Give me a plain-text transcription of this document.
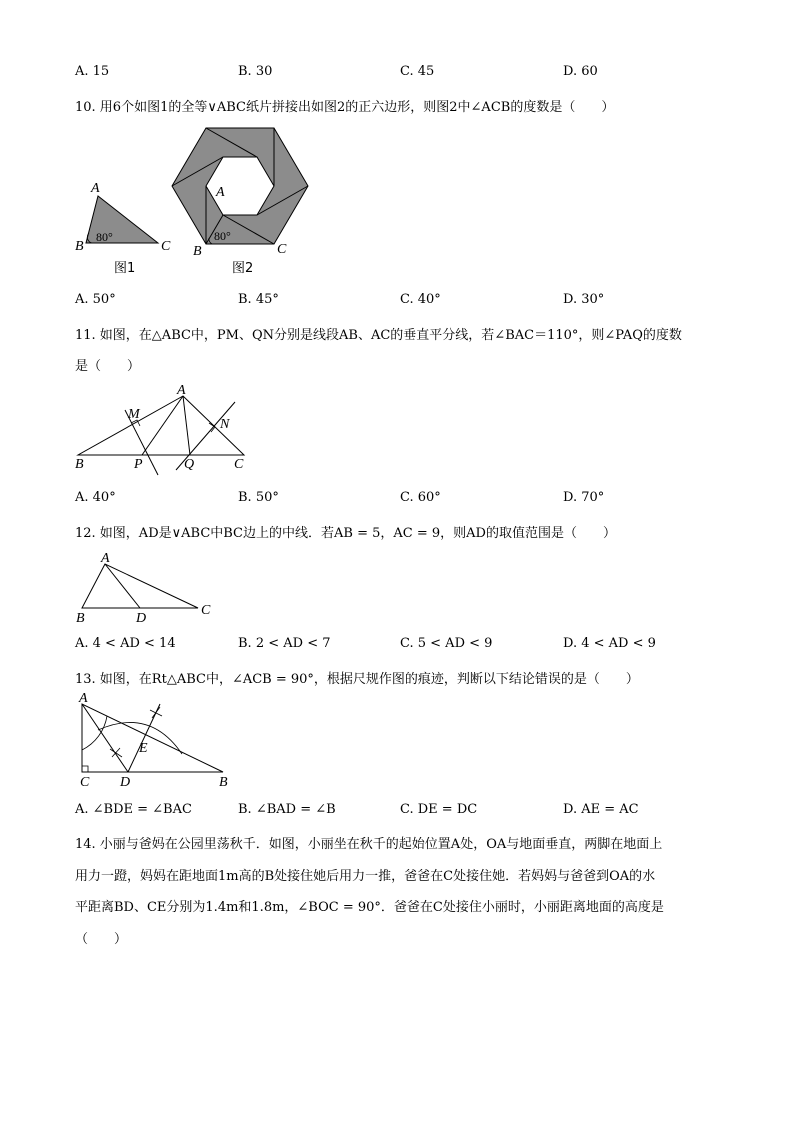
A. 15	B. 30	C. 45	D. 60
10. 用6个如图1的全等∨ABC纸片拼接出如图2的正六边形，则图2中∠ACB的度数是（　　）
A
B	C
80°
图1
A
B	C
80°
图2
A. 50°	B. 45°	C. 40°	D. 30°
11. 如图，在△ABC中，PM、QN分别是线段AB、AC的垂直平分线，若∠BAC＝110°，则∠PAQ的度数
是（　　）
A
B	C
M
N
P	Q
A. 40°	B. 50°	C. 60°	D. 70°
12. 如图，AD是∨ABC中BC边上的中线．若AB = 5，AC = 9，则AD的取值范围是（　　）
A
B
C
D
A. 4 < AD < 14	B. 2 < AD < 7	C. 5 < AD < 9	D. 4 < AD < 9
13. 如图，在Rt△ABC中，∠ACB = 90°，根据尺规作图的痕迹，判断以下结论错误的是（　　）
A
B
C D
E
A. ∠BDE = ∠BAC	B. ∠BAD = ∠B	C. DE = DC	D. AE = AC
14. 小丽与爸妈在公园里荡秋千．如图，小丽坐在秋千的起始位置A处，OA与地面垂直，两脚在地面上
用力一蹬，妈妈在距地面1m高的B处接住她后用力一推，爸爸在C处接住她．若妈妈与爸爸到OA的水
平距离BD、CE分别为1.4m和1.8m，∠BOC = 90°．爸爸在C处接住小丽时，小丽距离地面的高度是
（　　）
